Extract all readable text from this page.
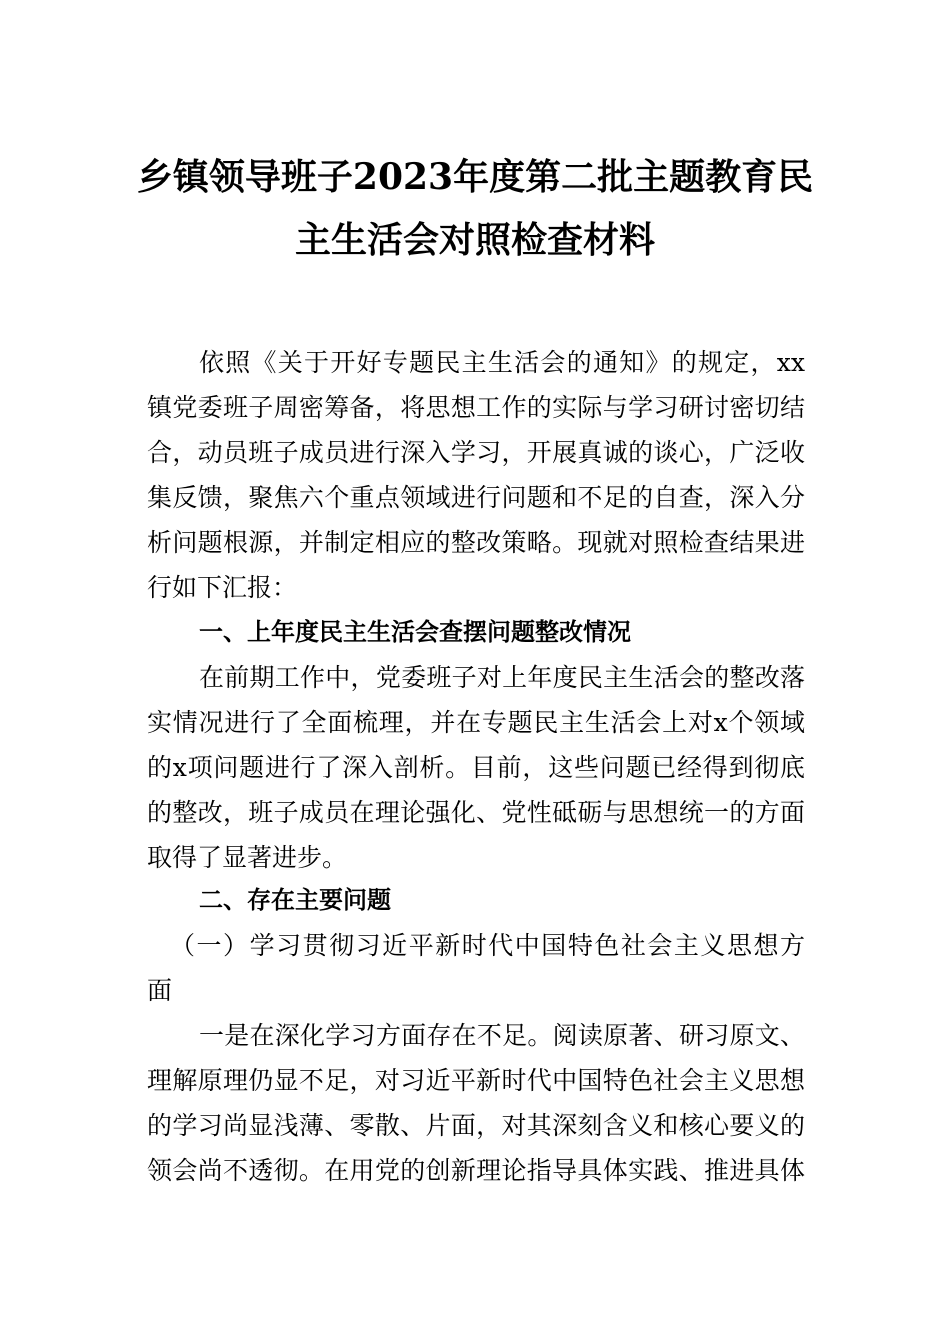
乡镇领导班子2023年度第二批主题教育民
主生活会对照检查材料
依照《关于开好专题民主生活会的通知》的规定，xx
镇党委班子周密筹备，将思想工作的实际与学习研讨密切结
合，动员班子成员进行深入学习，开展真诚的谈心，广泛收
集反馈，聚焦六个重点领域进行问题和不足的自查，深入分
析问题根源，并制定相应的整改策略。现就对照检查结果进
行如下汇报：
一、上年度民主生活会查摆问题整改情况
在前期工作中，党委班子对上年度民主生活会的整改落
实情况进行了全面梳理，并在专题民主生活会上对x个领域
的x项问题进行了深入剖析。目前，这些问题已经得到彻底
的整改，班子成员在理论强化、党性砥砺与思想统一的方面
取得了显著进步。
二、存在主要问题
（一）学习贯彻习近平新时代中国特色社会主义思想方
面
一是在深化学习方面存在不足。阅读原著、研习原文、
理解原理仍显不足，对习近平新时代中国特色社会主义思想
的学习尚显浅薄、零散、片面，对其深刻含义和核心要义的
领会尚不透彻。在用党的创新理论指导具体实践、推进具体
